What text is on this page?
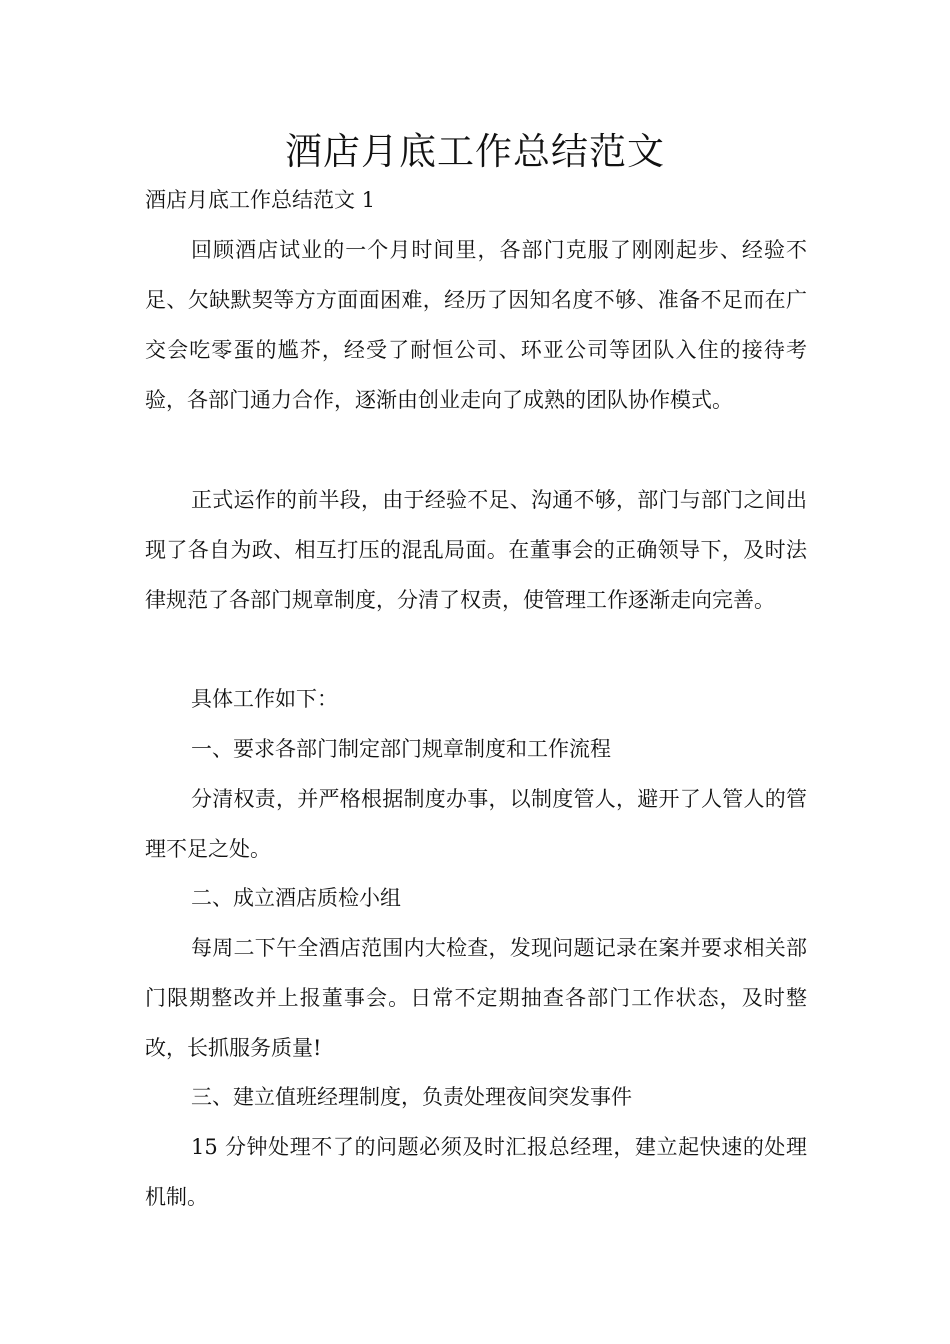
酒店月底工作总结范文

酒店月底工作总结范文 1

回顾酒店试业的一个月时间里，各部门克服了刚刚起步、经验不足、欠缺默契等方方面面困难，经历了因知名度不够、准备不足而在广交会吃零蛋的尴芥，经受了耐恒公司、环亚公司等团队入住的接待考验，各部门通力合作，逐渐由创业走向了成熟的团队协作模式。

正式运作的前半段，由于经验不足、沟通不够，部门与部门之间出现了各自为政、相互打压的混乱局面。在董事会的正确领导下，及时法律规范了各部门规章制度，分清了权责，使管理工作逐渐走向完善。

具体工作如下：

一、要求各部门制定部门规章制度和工作流程

分清权责，并严格根据制度办事，以制度管人，避开了人管人的管理不足之处。

二、成立酒店质检小组

每周二下午全酒店范围内大检查，发现问题记录在案并要求相关部门限期整改并上报董事会。日常不定期抽查各部门工作状态，及时整改，长抓服务质量!

三、建立值班经理制度，负责处理夜间突发事件

15 分钟处理不了的问题必须及时汇报总经理，建立起快速的处理机制。
